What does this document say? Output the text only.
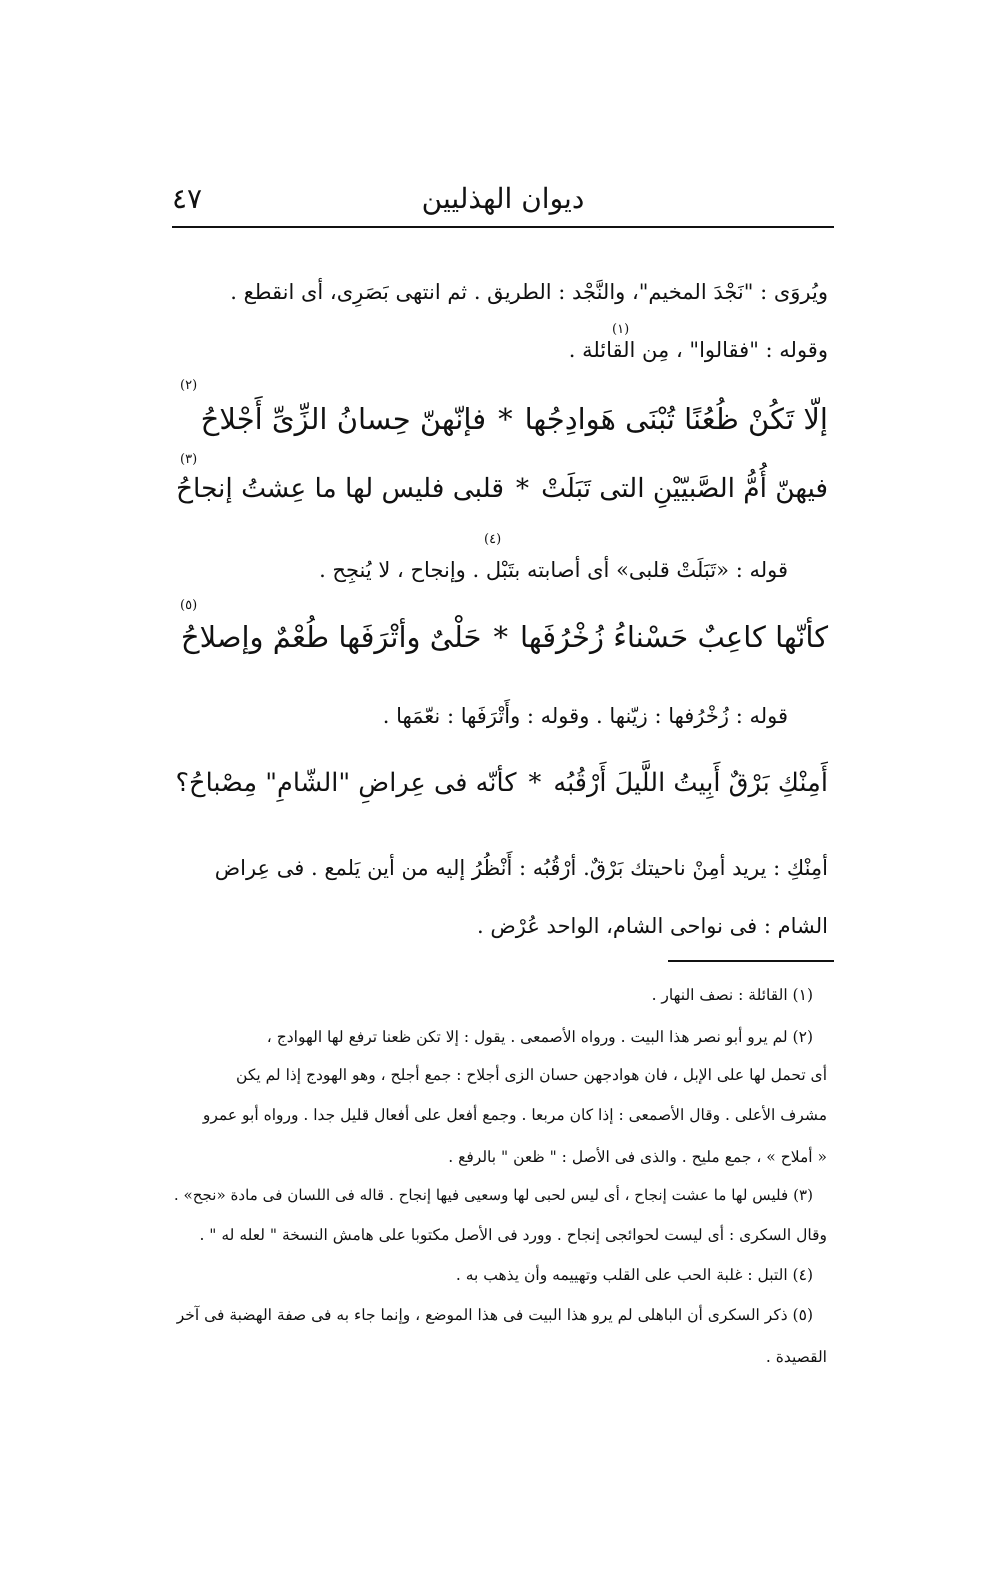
٤٧	ديوان الهذليين
ويُروَى : "نَجْدَ المخيم"، والنَّجْد : الطريق . ثم انتهى بَصَرِى، أى انقطع .
وقوله : "فقالوا" ، مِن القائلة .
إلّا تَكُنْ ظُعُنًا تُبْنَى هَوادِجُها*فإنّهنّ حِسانُ الزِّىِّ أَجْلاحُ
فيهنّ أُمُّ الصَّبيّيْنِ التى تَبَلَتْ*قلبى فليس لها ما عِشتُ إنجاحُ
قوله : «تَبَلَتْ قلبى» أى أصابته بتَبْل . وإنجاح ، لا يُنجِح .
كأنّها كاعِبٌ حَسْناءُ زُخْرُفَها*حَلْىٌ وأتْرَفَها طُعْمٌ وإصلاحُ
قوله : زُخْرُفها : زيّنها . وقوله : وأَتْرَفَها : نعّمَها .
أَمِنْكِ بَرْقٌ أَبِيتُ اللَّيلَ أَرْقُبُه*كأنّه فى عِراضِ "الشّامِ" مِصْباحُ؟
أمِنْكِ : يريد أمِنْ ناحيتك بَرْقٌ. أرْقُبُه : أَنْظُرُ إليه من أين يَلمع . فى عِراض
الشام : فى نواحى الشام، الواحد عُرْض .
(١)
(٢)
(٣)
(٤)
(٥)
(١) القائلة : نصف النهار .
(٢) لم يرو أبو نصر هذا البيت . ورواه الأصمعى . يقول : إلا تكن ظعنا ترفع لها الهوادج ،
أى تحمل لها على الإبل ، فان هوادجهن حسان الزى أجلاح : جمع أجلح ، وهو الهودج إذا لم يكن
مشرف الأعلى . وقال الأصمعى : إذا كان مربعا . وجمع أفعل على أفعال قليل جدا . ورواه أبو عمرو
« أملاح » ، جمع مليح . والذى فى الأصل : " ظعن " بالرفع .
(٣) فليس لها ما عشت إنجاح ، أى ليس لحبى لها وسعيى فيها إنجاح . قاله فى اللسان فى مادة «نجح» .
وقال السكرى : أى ليست لحوائجى إنجاح . وورد فى الأصل مكتوبا على هامش النسخة " لعله له " .
(٤) التبل : غلبة الحب على القلب وتهييمه وأن يذهب به .
(٥) ذكر السكرى أن الباهلى لم يرو هذا البيت فى هذا الموضع ، وإنما جاء به فى صفة الهضبة فى آخر
القصيدة .
